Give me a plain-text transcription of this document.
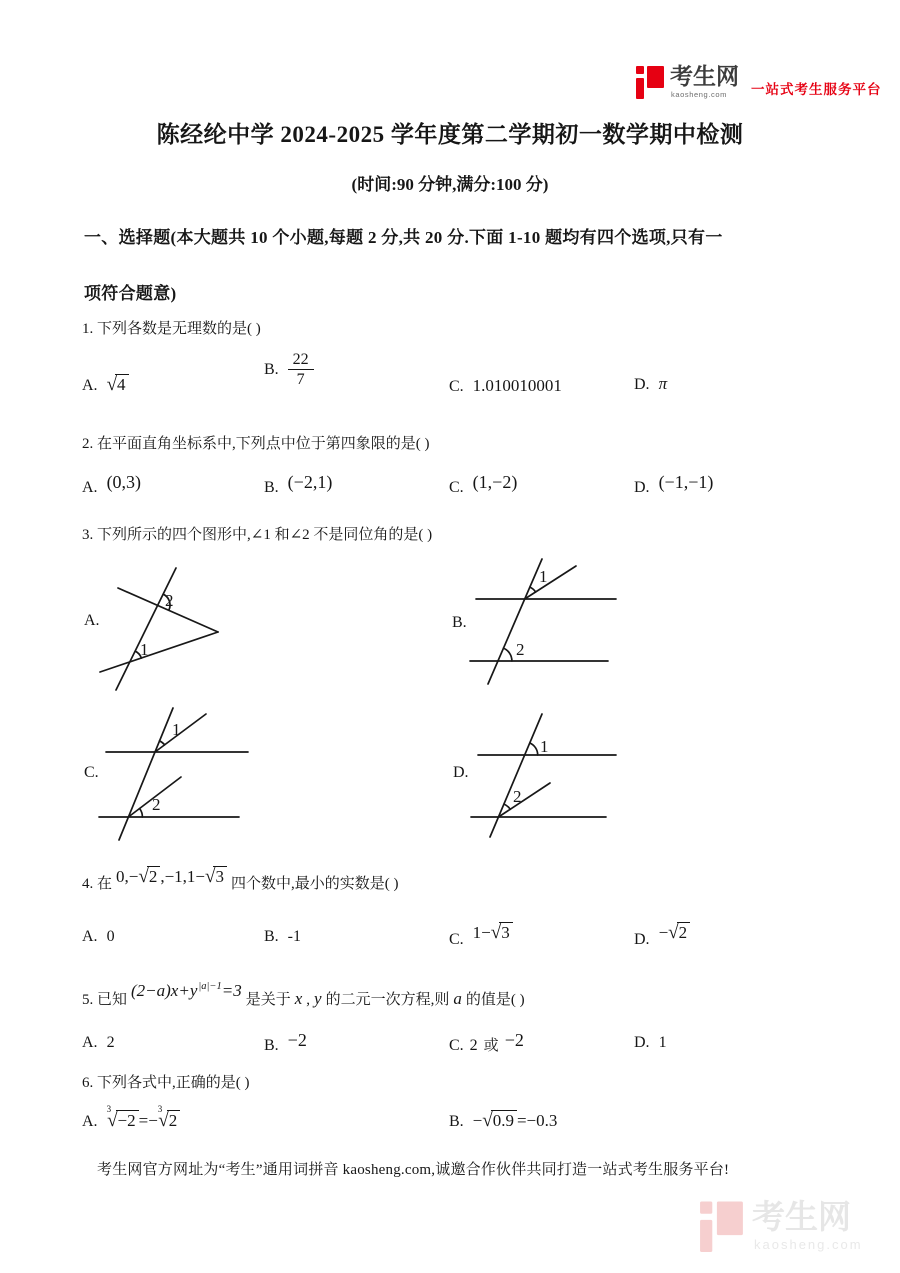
考生网
kaosheng.com	一站式考生服务平台
陈经纶中学 2024-2025 学年度第二学期初一数学期中检测
(时间:90 分钟,满分:100 分)
一、选择题(本大题共 10 个小题,每题 2 分,共 20 分.下面 1-10 题均有四个选项,只有一
项符合题意)
1. 下列各数是无理数的是( )
A.	√ 4
B. $\frac{22}{7}$	C. 1.010010001	D. π
2. 在平面直角坐标系中,下列点中位于第四象限的是( )
A. (0,3)	B. (−2,1)	C. (1,−2)	D. (−1,−1)
3. 下列所示的四个图形中,∠1 和∠2 不是同位角的是( )
A.
2
1
B.
1
2
C.
1
2
D.
1
2
4. 在 0,− √ 2 ,−1,1− √ 3 四个数中,最小的实数是( )
A. 0	B. -1	C. 1− √ 3	D. − √ 2
5. 已知 $(2-a)x+y^{|a|-1}=3$ 是关于 x , y 的二元一次方程,则 a 的值是( )
A. 2	B. −2	C. 2 或 −2	D. 1
6. 下列各式中,正确的是( )
A.
$^3$√ −2 =−$^3$√ 2	B. − √ 0.9 =−0.3
考生网官方网址为“考生”通用词拼音 kaosheng.com,诚邀合作伙伴共同打造一站式考生服务平台!
考生网
kaosheng.com
